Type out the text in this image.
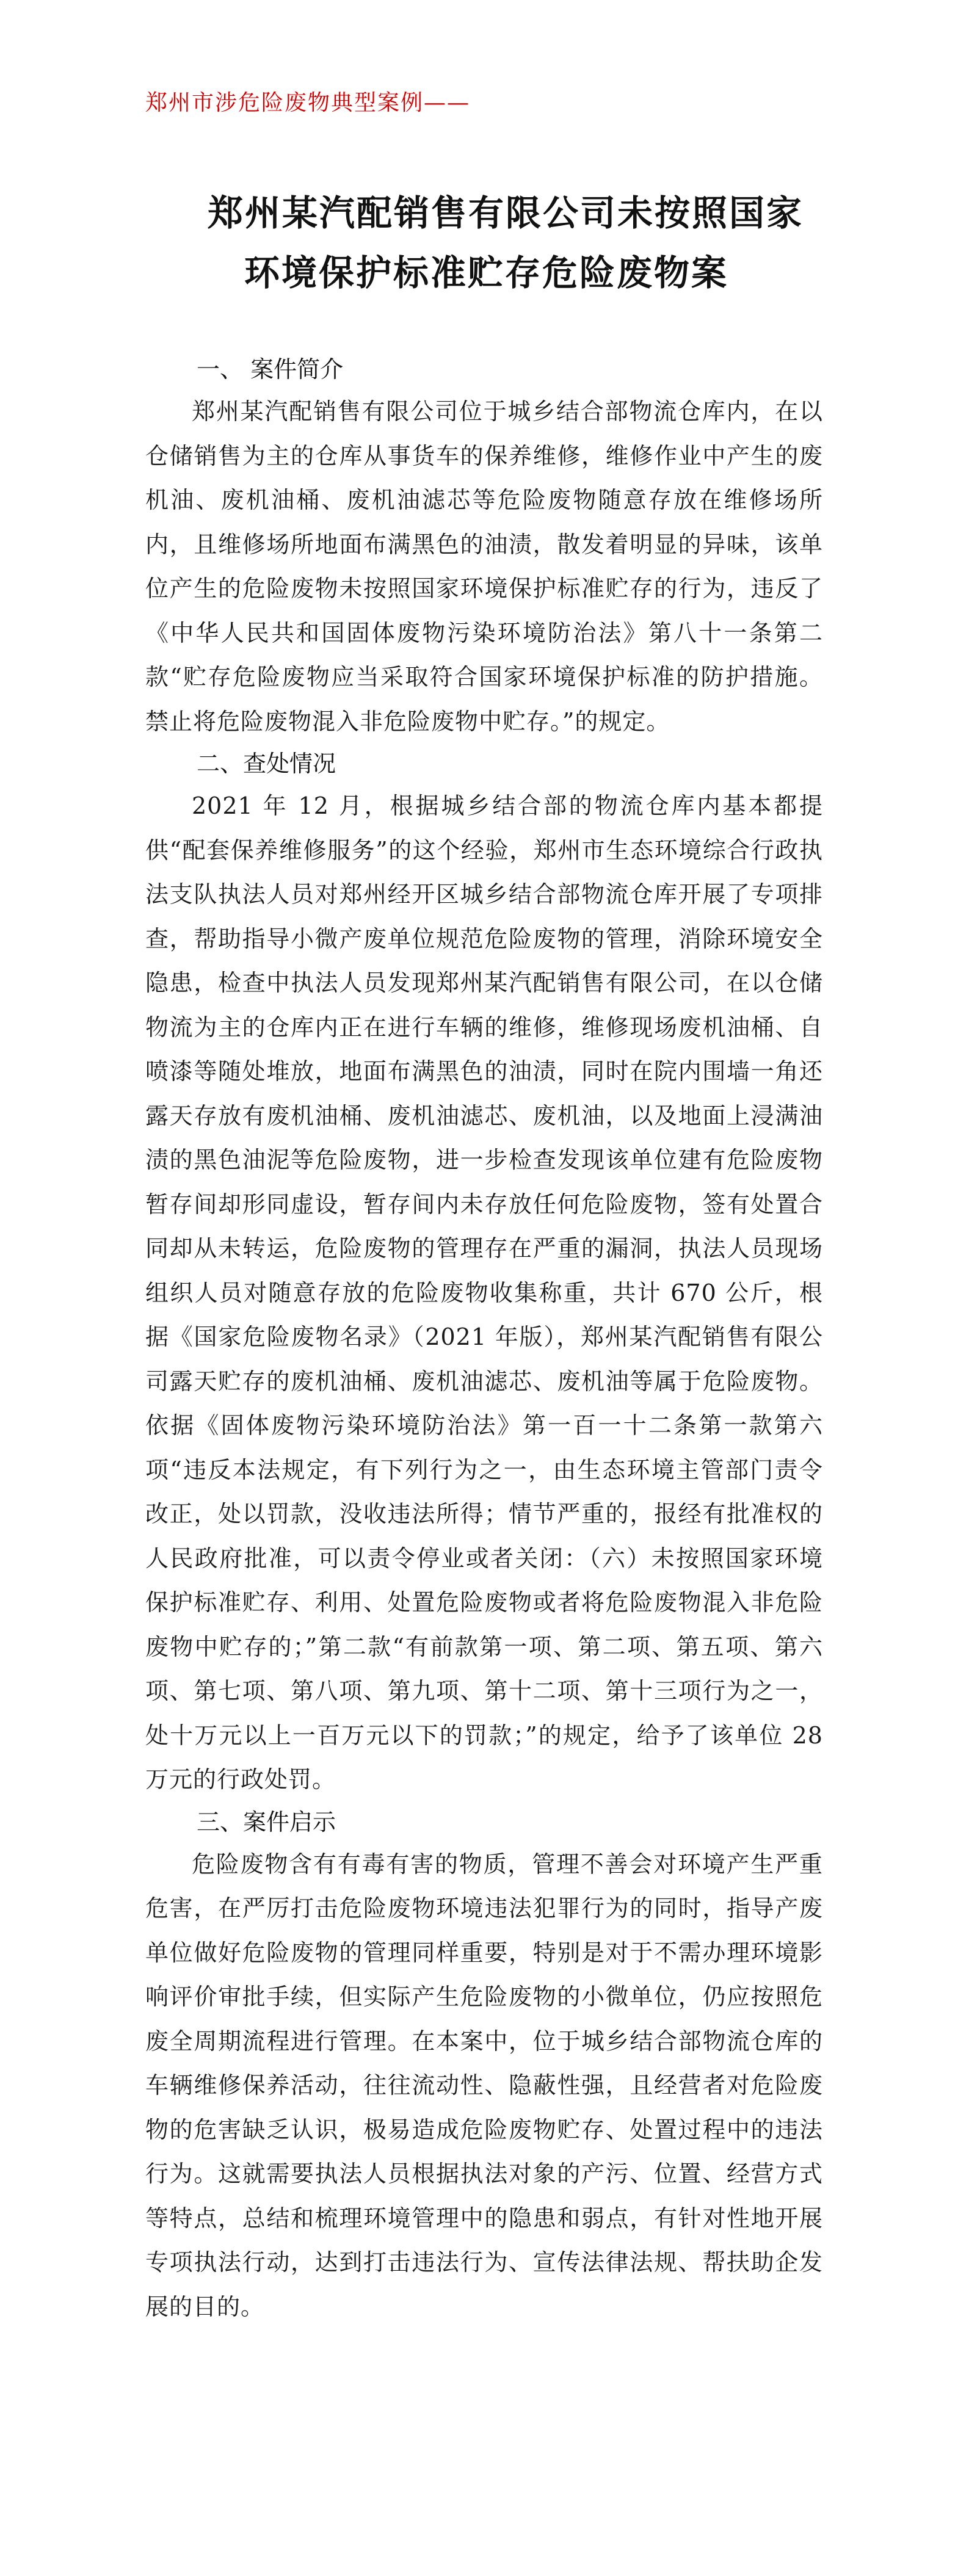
郑州市涉危险废物典型案例——
郑州某汽配销售有限公司未按照国家
环境保护标准贮存危险废物案
一、 案件简介

郑州某汽配销售有限公司位于城乡结合部物流仓库内，在以仓储销售为主的仓库从事货车的保养维修，维修作业中产生的废机油、废机油桶、废机油滤芯等危险废物随意存放在维修场所内，且维修场所地面布满黑色的油渍，散发着明显的异味，该单位产生的危险废物未按照国家环境保护标准贮存的行为，违反了《中华人民共和国固体废物污染环境防治法》第八十一条第二款“贮存危险废物应当采取符合国家环境保护标准的防护措施。禁止将危险废物混入非危险废物中贮存。”的规定。

二、查处情况

2021 年 12 月，根据城乡结合部的物流仓库内基本都提供“配套保养维修服务”的这个经验，郑州市生态环境综合行政执法支队执法人员对郑州经开区城乡结合部物流仓库开展了专项排查，帮助指导小微产废单位规范危险废物的管理，消除环境安全隐患，检查中执法人员发现郑州某汽配销售有限公司，在以仓储物流为主的仓库内正在进行车辆的维修，维修现场废机油桶、自喷漆等随处堆放，地面布满黑色的油渍，同时在院内围墙一角还露天存放有废机油桶、废机油滤芯、废机油，以及地面上浸满油渍的黑色油泥等危险废物，进一步检查发现该单位建有危险废物暂存间却形同虚设，暂存间内未存放任何危险废物，签有处置合同却从未转运，危险废物的管理存在严重的漏洞，执法人员现场组织人员对随意存放的危险废物收集称重，共计 670 公斤，根据《国家危险废物名录》（2021 年版），郑州某汽配销售有限公司露天贮存的废机油桶、废机油滤芯、废机油等属于危险废物。依据《固体废物污染环境防治法》第一百一十二条第一款第六项“违反本法规定，有下列行为之一，由生态环境主管部门责令改正，处以罚款，没收违法所得；情节严重的，报经有批准权的人民政府批准，可以责令停业或者关闭：（六）未按照国家环境保护标准贮存、利用、处置危险废物或者将危险废物混入非危险废物中贮存的；”第二款“有前款第一项、第二项、第五项、第六项、第七项、第八项、第九项、第十二项、第十三项行为之一，处十万元以上一百万元以下的罚款；”的规定，给予了该单位 28 万元的行政处罚。

三、案件启示

危险废物含有有毒有害的物质，管理不善会对环境产生严重危害，在严厉打击危险废物环境违法犯罪行为的同时，指导产废单位做好危险废物的管理同样重要，特别是对于不需办理环境影响评价审批手续，但实际产生危险废物的小微单位，仍应按照危废全周期流程进行管理。在本案中，位于城乡结合部物流仓库的车辆维修保养活动，往往流动性、隐蔽性强，且经营者对危险废物的危害缺乏认识，极易造成危险废物贮存、处置过程中的违法行为。这就需要执法人员根据执法对象的产污、位置、经营方式等特点，总结和梳理环境管理中的隐患和弱点，有针对性地开展专项执法行动，达到打击违法行为、宣传法律法规、帮扶助企发展的目的。
